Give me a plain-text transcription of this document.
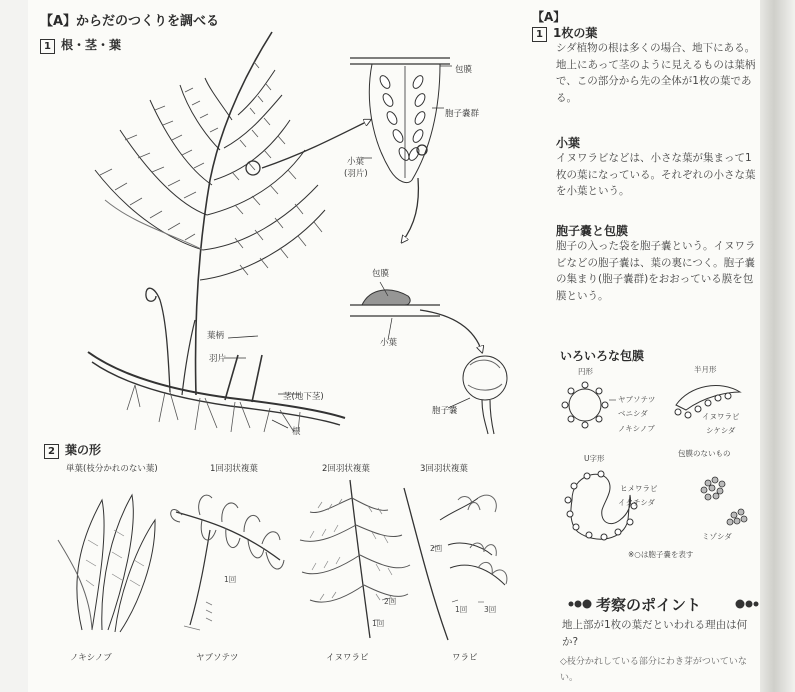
【A】からだのつくりを調べる
1 根・茎・葉
包膜
胞子嚢群
小葉
(羽片)
包膜
小葉
葉柄
羽片
茎(地下茎)
根
胞子嚢
2 葉の形
単葉(枝分かれのない葉)	1回羽状複葉	2回羽状複葉	3回羽状複葉
1回
2回
1回
2回
1回 3回
ノキシノブ	ヤブソテツ	イヌワラビ	ワラビ
【A】
1 1枚の葉
シダ植物の根は多くの場合、地下にある。地上にあって茎のように見えるものは葉柄で、この部分から先の全体が1枚の葉である。
小葉
イヌワラビなどは、小さな葉が集まって1枚の葉になっている。それぞれの小さな葉を小葉という。
胞子嚢と包膜
胞子の入った袋を胞子嚢という。イヌワラビなどの胞子嚢は、葉の裏につく。胞子嚢の集まり(胞子嚢群)をおおっている膜を包膜という。
いろいろな包膜
円形	半月形
ヤブソテツ
ベニシダ
ノキシノブ
イヌワラビ
シケシダ
U字形
包膜のないもの
ヒメワラビ
イタチシダ
ミゾシダ
※○は胞子嚢を表す
考察のポイント
地上部が1枚の葉だといわれる理由は何か?
◇枝分かれしている部分にわき芽がついていない。
